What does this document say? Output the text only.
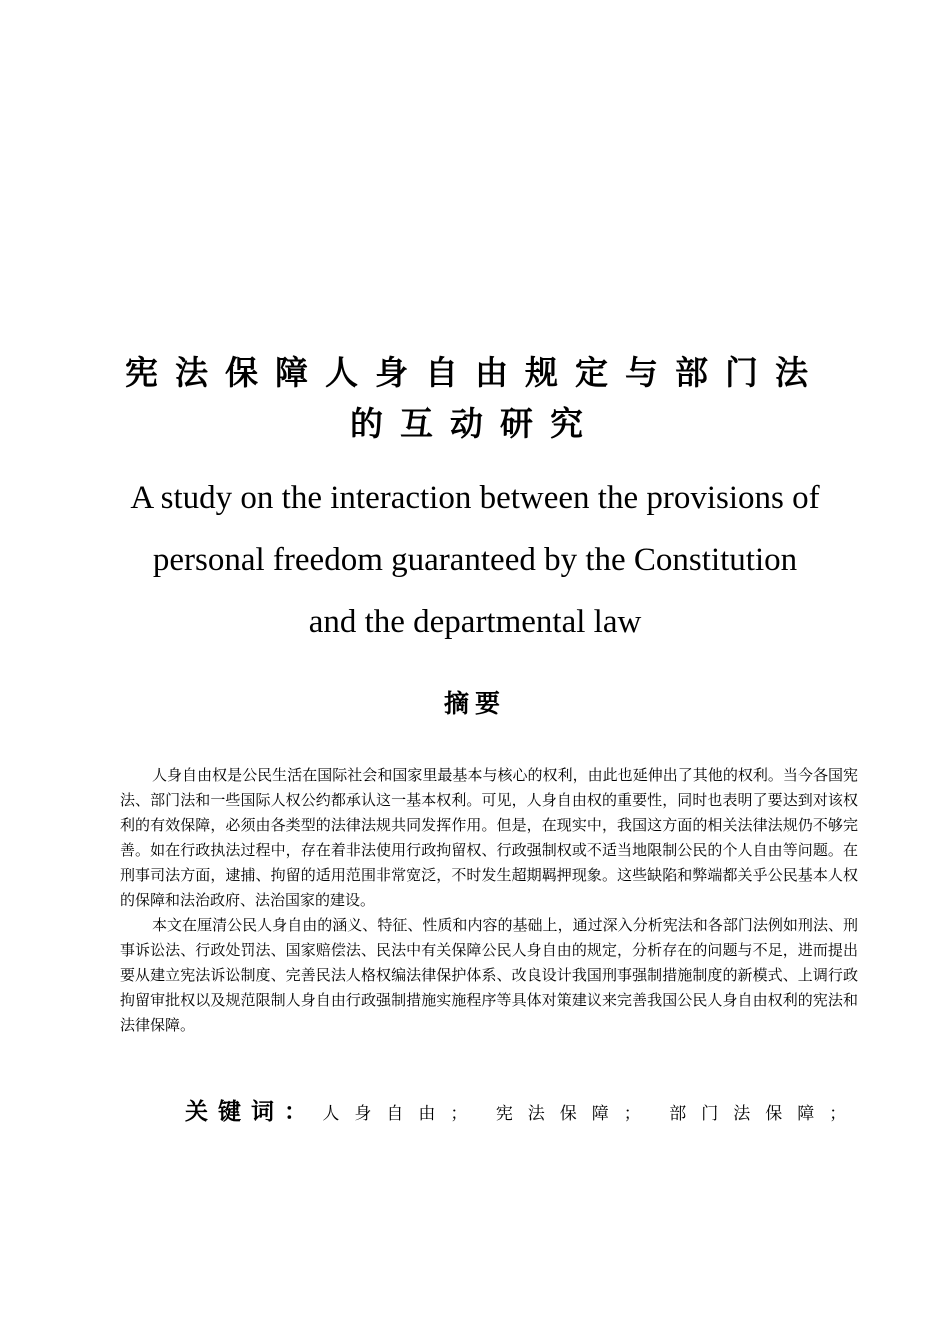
宪法保障人身自由规定与部门法
的互动研究
A study on the interaction between the provisions of
personal freedom guaranteed by the Constitution
and the departmental law
摘要

人身自由权是公民生活在国际社会和国家里最基本与核心的权利，由此也延伸出了其他的权利。当今各国宪法、部门法和一些国际人权公约都承认这一基本权利。可见，人身自由权的重要性，同时也表明了要达到对该权利的有效保障，必须由各类型的法律法规共同发挥作用。但是，在现实中，我国这方面的相关法律法规仍不够完善。如在行政执法过程中，存在着非法使用行政拘留权、行政强制权或不适当地限制公民的个人自由等问题。在刑事司法方面，逮捕、拘留的适用范围非常宽泛，不时发生超期羁押现象。这些缺陷和弊端都关乎公民基本人权的保障和法治政府、法治国家的建设。

本文在厘清公民人身自由的涵义、特征、性质和内容的基础上，通过深入分析宪法和各部门法例如刑法、刑事诉讼法、行政处罚法、国家赔偿法、民法中有关保障公民人身自由的规定，分析存在的问题与不足，进而提出要从建立宪法诉讼制度、完善民法人格权编法律保护体系、改良设计我国刑事强制措施制度的新模式、上调行政拘留审批权以及规范限制人身自由行政强制措施实施程序等具体对策建议来完善我国公民人身自由权利的宪法和法律保障。

关键词： 人身自由； 宪法保障； 部门法保障；
